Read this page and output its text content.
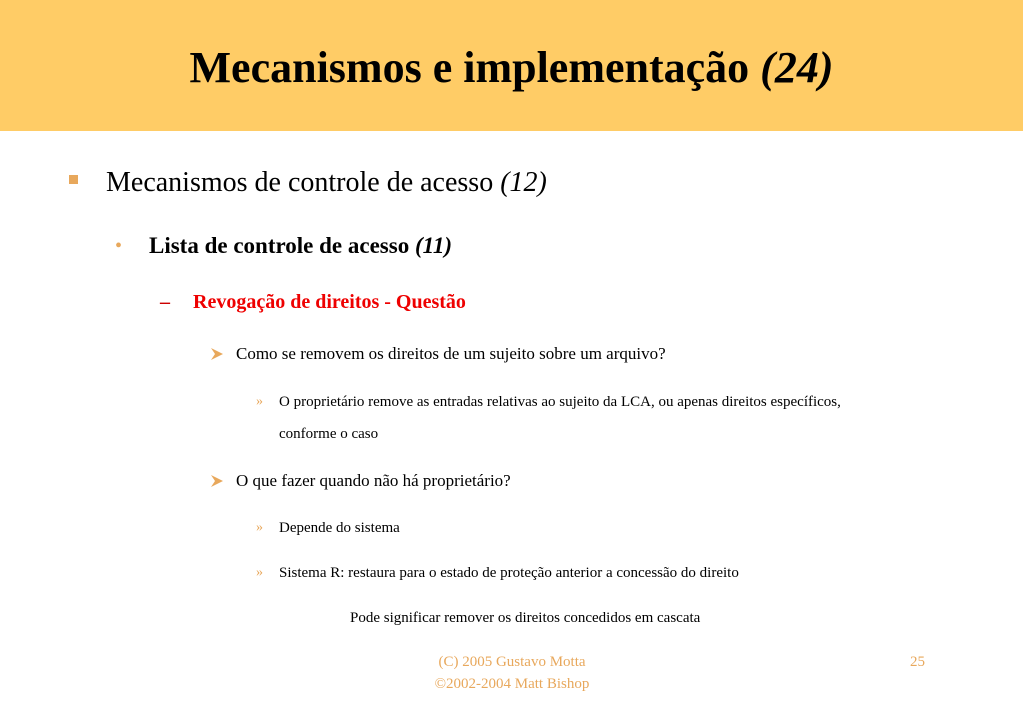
Mecanismos e implementação (24)
Mecanismos de controle de acesso (12)
• Lista de controle de acesso (11)
– Revogação de direitos - Questão
Como se removem os direitos de um sujeito sobre um arquivo?
» O proprietário remove as entradas relativas ao sujeito da LCA, ou apenas direitos específicos,
conforme o caso
O que fazer quando não há proprietário?
» Depende do sistema
» Sistema R: restaura para o estado de proteção anterior a concessão do direito
Pode significar remover os direitos concedidos em cascata
(C) 2005 Gustavo Motta
©2002-2004 Matt Bishop
25
